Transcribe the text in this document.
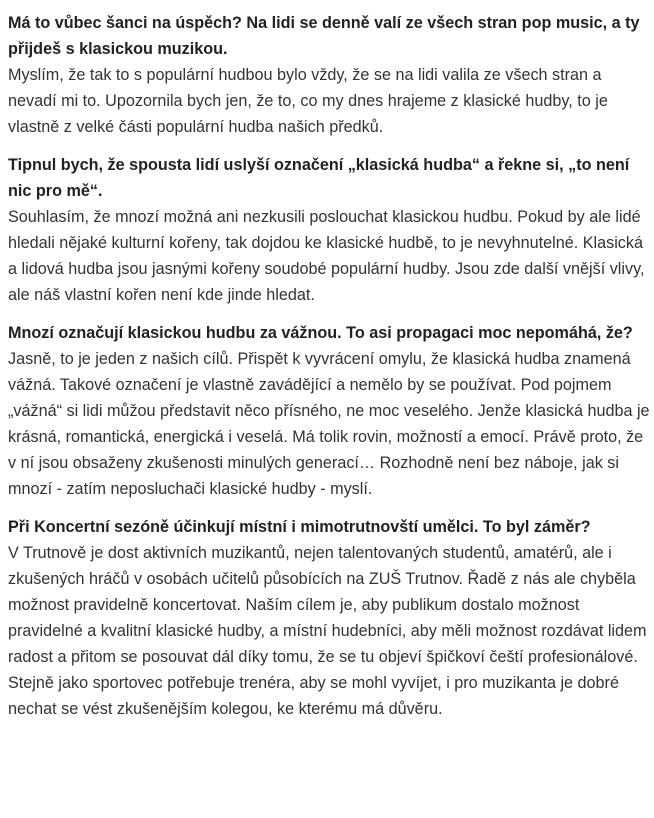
Má to vůbec šanci na úspěch? Na lidi se denně valí ze všech stran pop music, a ty přijdeš s klasickou muzikou.

Myslím, že tak to s populární hudbou bylo vždy, že se na lidi valila ze všech stran a nevadí mi to. Upozornila bych jen, že to, co my dnes hrajeme z klasické hudby, to je vlastně z velké části populární hudba našich předků.

Tipnul bych, že spousta lidí uslyší označení „klasická hudba“ a řekne si, „to není nic pro mě“.

Souhlasím, že mnozí možná ani nezkusili poslouchat klasickou hudbu. Pokud by ale lidé hledali nějaké kulturní kořeny, tak dojdou ke klasické hudbě, to je nevyhnutelné. Klasická a lidová hudba jsou jasnými kořeny soudobé populární hudby. Jsou zde další vnější vlivy, ale náš vlastní kořen není kde jinde hledat.

Mnozí označují klasickou hudbu za vážnou. To asi propagaci moc nepomáhá, že?

Jasně, to je jeden z našich cílů. Přispět k vyvrácení omylu, že klasická hudba znamená vážná. Takové označení je vlastně zavádějící a nemělo by se používat. Pod pojmem „vážná“ si lidi můžou představit něco přísného, ne moc veselého. Jenže klasická hudba je krásná, romantická, energická i veselá. Má tolik rovin, možností a emocí. Právě proto, že v ní jsou obsaženy zkušenosti minulých generací… Rozhodně není bez náboje, jak si mnozí - zatím neposluchači klasické hudby - myslí.

Při Koncertní sezóně účinkují místní i mimotrutnovští umělci. To byl záměr?

V Trutnově je dost aktivních muzikantů, nejen talentovaných studentů, amatérů, ale i zkušených hráčů v osobách učitelů působících na ZUŠ Trutnov. Řadě z nás ale chyběla možnost pravidelně koncertovat. Naším cílem je, aby publikum dostalo možnost pravidelné a kvalitní klasické hudby, a místní hudebníci, aby měli možnost rozdávat lidem radost a přitom se posouvat dál díky tomu, že se tu objeví špičkoví čeští profesionálové. Stejně jako sportovec potřebuje trenéra, aby se mohl vyvíjet, i pro muzikanta je dobré nechat se vést zkušenějším kolegou, ke kterému má důvěru.
